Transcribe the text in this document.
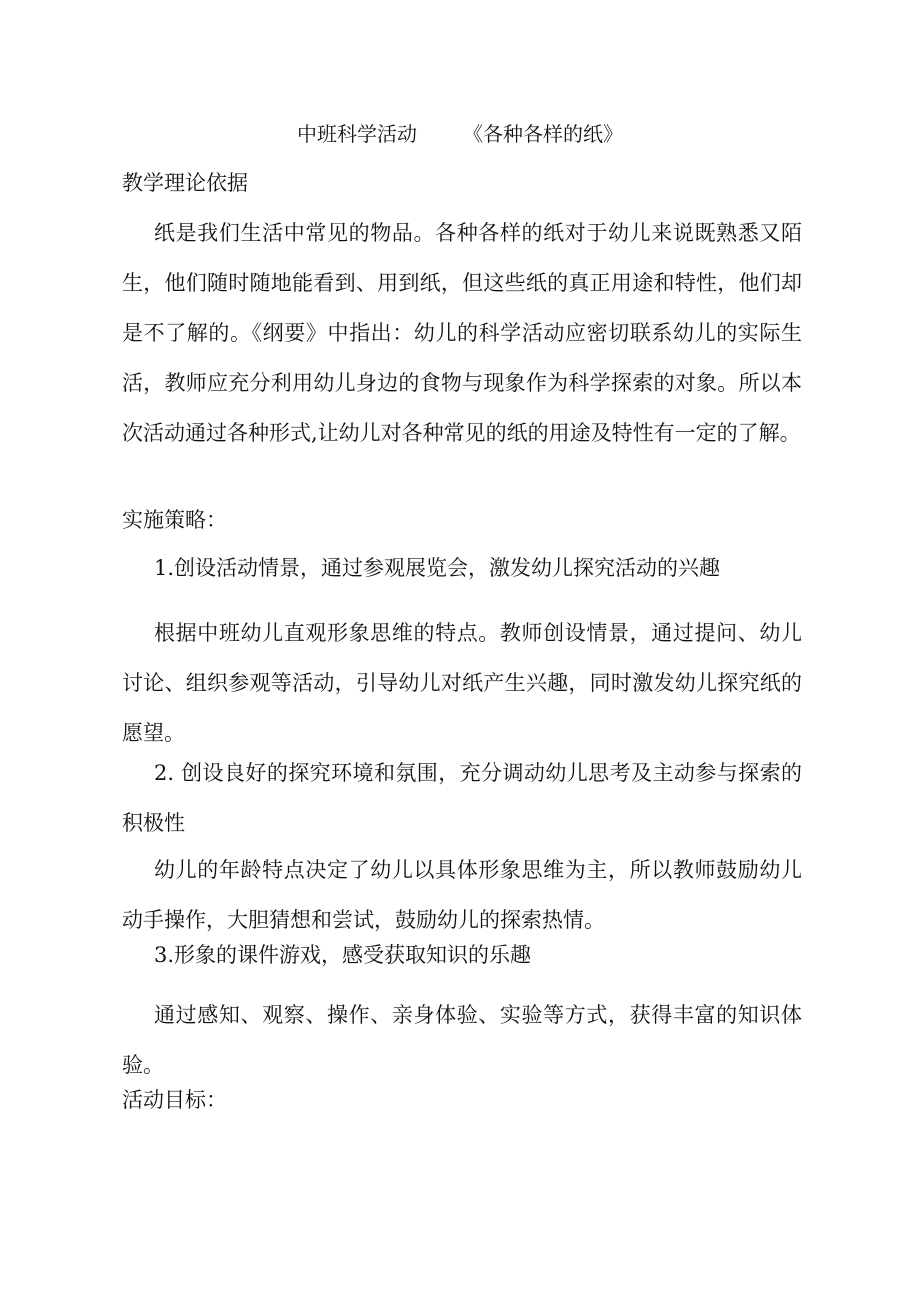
中班科学活动 《各种各样的纸》

教学理论依据

纸是我们生活中常见的物品。各种各样的纸对于幼儿来说既熟悉又陌生，他们随时随地能看到、用到纸，但这些纸的真正用途和特性，他们却是不了解的。《纲要》中指出：幼儿的科学活动应密切联系幼儿的实际生活，教师应充分利用幼儿身边的食物与现象作为科学探索的对象。所以本次活动通过各种形式,让幼儿对各种常见的纸的用途及特性有一定的了解。

实施策略：

1.创设活动情景，通过参观展览会，激发幼儿探究活动的兴趣

根据中班幼儿直观形象思维的特点。教师创设情景，通过提问、幼儿讨论、组织参观等活动，引导幼儿对纸产生兴趣，同时激发幼儿探究纸的愿望。

2. 创设良好的探究环境和氛围，充分调动幼儿思考及主动参与探索的积极性

幼儿的年龄特点决定了幼儿以具体形象思维为主，所以教师鼓励幼儿动手操作，大胆猜想和尝试，鼓励幼儿的探索热情。

3.形象的课件游戏，感受获取知识的乐趣

通过感知、观察、操作、亲身体验、实验等方式，获得丰富的知识体验。

活动目标：
